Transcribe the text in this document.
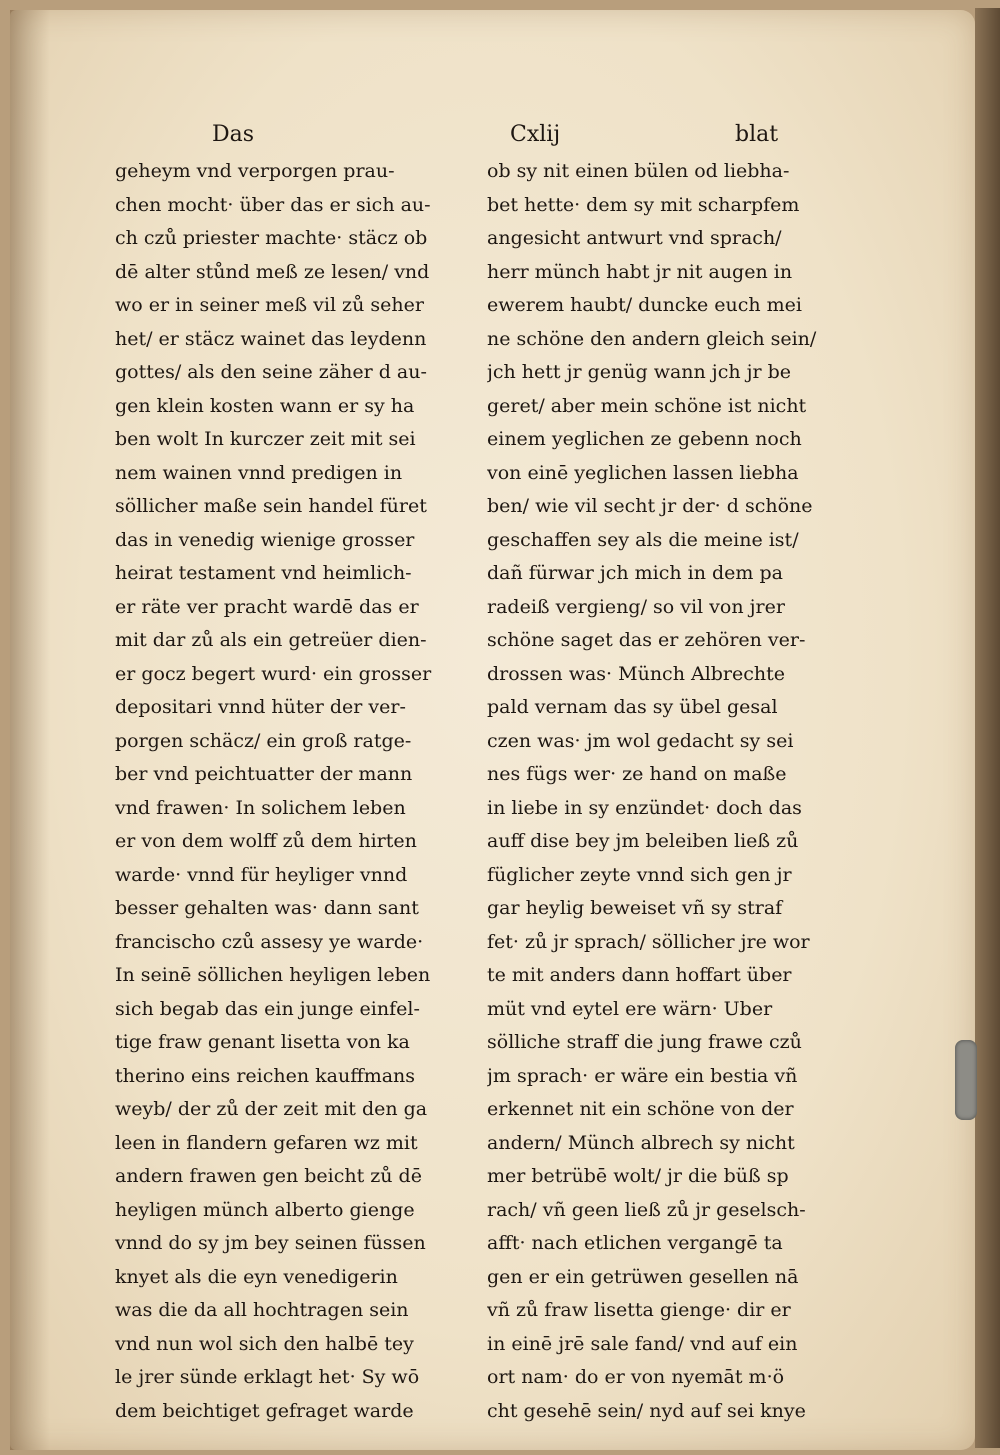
Das	Cxlij	blat
geheym vnd verporgen prau-
chen mocht· über das er sich au-
ch czů priester machte· stäcz ob
dē alter stůnd meß ze lesen/ vnd
wo er in seiner meß vil zů seher
het/ er stäcz wainet das leydenn
gottes/ als den seine zäher d au-
gen klein kosten wann er sy ha
ben wolt In kurczer zeit mit sei
nem wainen vnnd predigen in
söllicher maße sein handel füret
das in venedig wienige grosser
heirat testament vnd heimlich-
er räte ver pracht wardē das er
mit dar zů als ein getreüer dien-
er gocz begert wurd· ein grosser
depositari vnnd hüter der ver-
porgen schäcz/ ein groß ratge-
ber vnd peichtuatter der mann
vnd frawen· In solichem leben
er von dem wolff zů dem hirten
warde· vnnd für heyliger vnnd
besser gehalten was· dann sant
francischo czů assesy ye warde·
In seinē söllichen heyligen leben
sich begab das ein junge einfel-
tige fraw genant lisetta von ka
therino eins reichen kauffmans
weyb/ der zů der zeit mit den ga
leen in flandern gefaren wz mit
andern frawen gen beicht zů dē
heyligen münch alberto gienge
vnnd do sy jm bey seinen füssen
knyet als die eyn venedigerin
was die da all hochtragen sein
vnd nun wol sich den halbē tey
le jrer sünde erklagt het· Sy wō
dem beichtiget gefraget warde
ob sy nit einen bülen od liebha-
bet hette· dem sy mit scharpfem
angesicht antwurt vnd sprach/
herr münch habt jr nit augen in
ewerem haubt/ duncke euch mei
ne schöne den andern gleich sein/
jch hett jr genüg wann jch jr be
geret/ aber mein schöne ist nicht
einem yeglichen ze gebenn noch
von einē yeglichen lassen liebha
ben/ wie vil secht jr der· d schöne
geschaffen sey als die meine ist/
dañ fürwar jch mich in dem pa
radeiß vergieng/ so vil von jrer
schöne saget das er zehören ver-
drossen was· Münch Albrechte
pald vernam das sy übel gesal
czen was· jm wol gedacht sy sei
nes fügs wer· ze hand on maße
in liebe in sy enzündet· doch das
auff dise bey jm beleiben ließ zů
füglicher zeyte vnnd sich gen jr
gar heylig beweiset vñ sy straf
fet· zů jr sprach/ söllicher jre wor
te mit anders dann hoffart über
müt vnd eytel ere wärn· Uber
sölliche straff die jung frawe czů
jm sprach· er wäre ein bestia vñ
erkennet nit ein schöne von der
andern/ Münch albrech sy nicht
mer betrübē wolt/ jr die büß sp
rach/ vñ geen ließ zů jr geselsch-
afft· nach etlichen vergangē ta
gen er ein getrüwen gesellen nā
vñ zů fraw lisetta gienge· dir er
in einē jrē sale fand/ vnd auf ein
ort nam· do er von nyemāt m·ö
cht gesehē sein/ nyd auf sei knye
